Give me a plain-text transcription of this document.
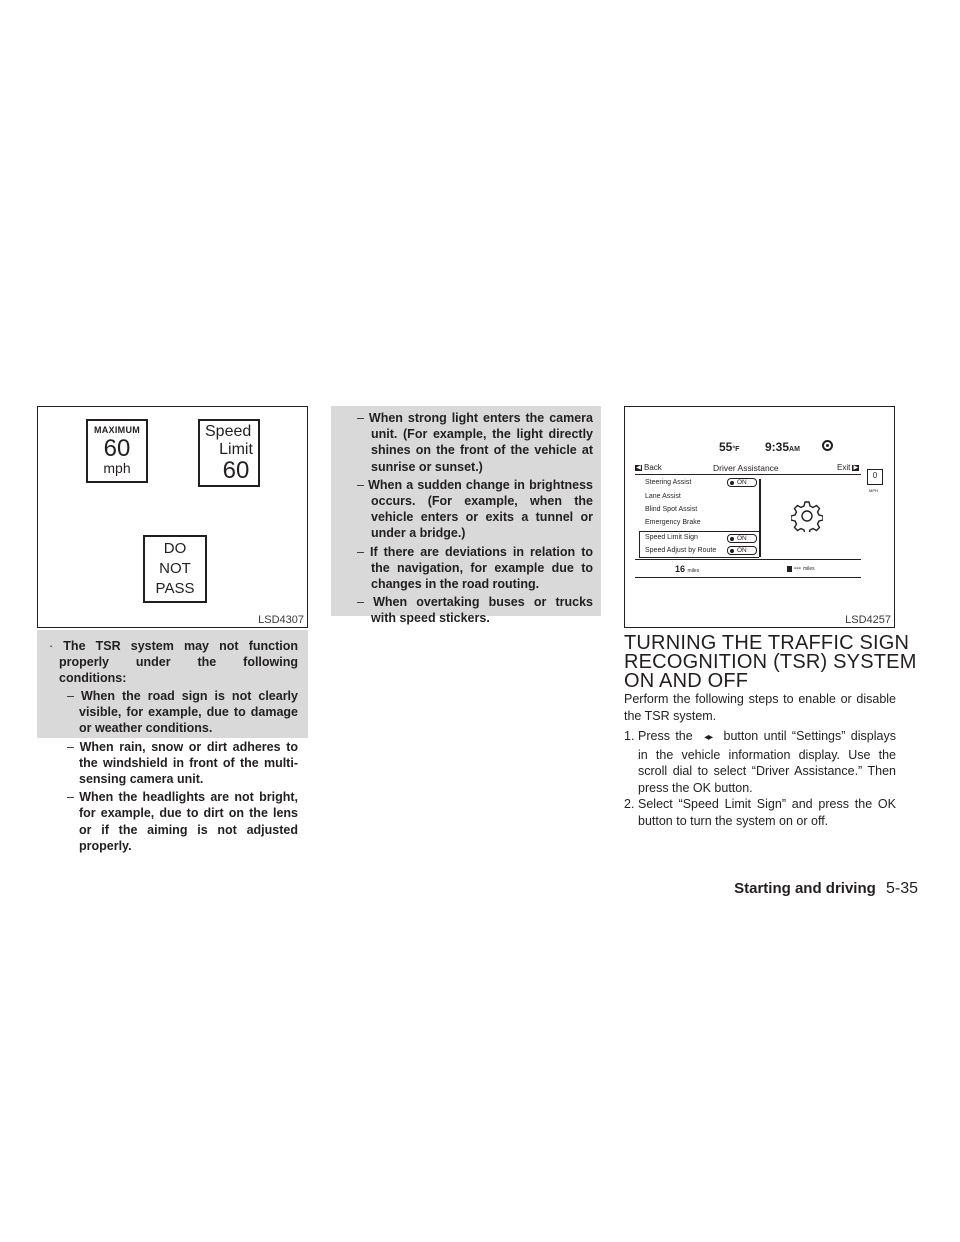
MAXIMUM
60
mph
Speed
Limit
60
DO
NOT
PASS
LSD4307
· The TSR system may not function properly under the following conditions:
– When the road sign is not clearly visible, for example, due to damage or weather conditions.
– When rain, snow or dirt adheres to the windshield in front of the multi-sensing camera unit.
– When the headlights are not bright, for example, due to dirt on the lens or if the aiming is not adjusted properly.
– When strong light enters the camera unit. (For example, the light directly shines on the front of the vehicle at sunrise or sunset.)
– When a sudden change in brightness occurs. (For example, when the vehicle enters or exits a tunnel or under a bridge.)
– If there are deviations in relation to the navigation, for example due to changes in the road routing.
– When overtaking buses or trucks with speed stickers.
55°F 9:35AM
◀ Back	Driver Assistance	Exit ▶
0
MPH
Steering Assist	ON
Lane Assist
Blind Spot Assist
Emergency Brake
Speed Limit Sign	ON
Speed Adjust by Route	ON
16 miles	--- miles
LSD4257
TURNING THE TRAFFIC SIGN RECOGNITION (TSR) SYSTEM ON AND OFF
Perform the following steps to enable or disable the TSR system.
1. Press the ◂▸ button until “Settings” displays in the vehicle information display. Use the scroll dial to select “Driver Assistance.” Then press the OK button.
2. Select “Speed Limit Sign” and press the OK button to turn the system on or off.
Starting and driving 5-35
